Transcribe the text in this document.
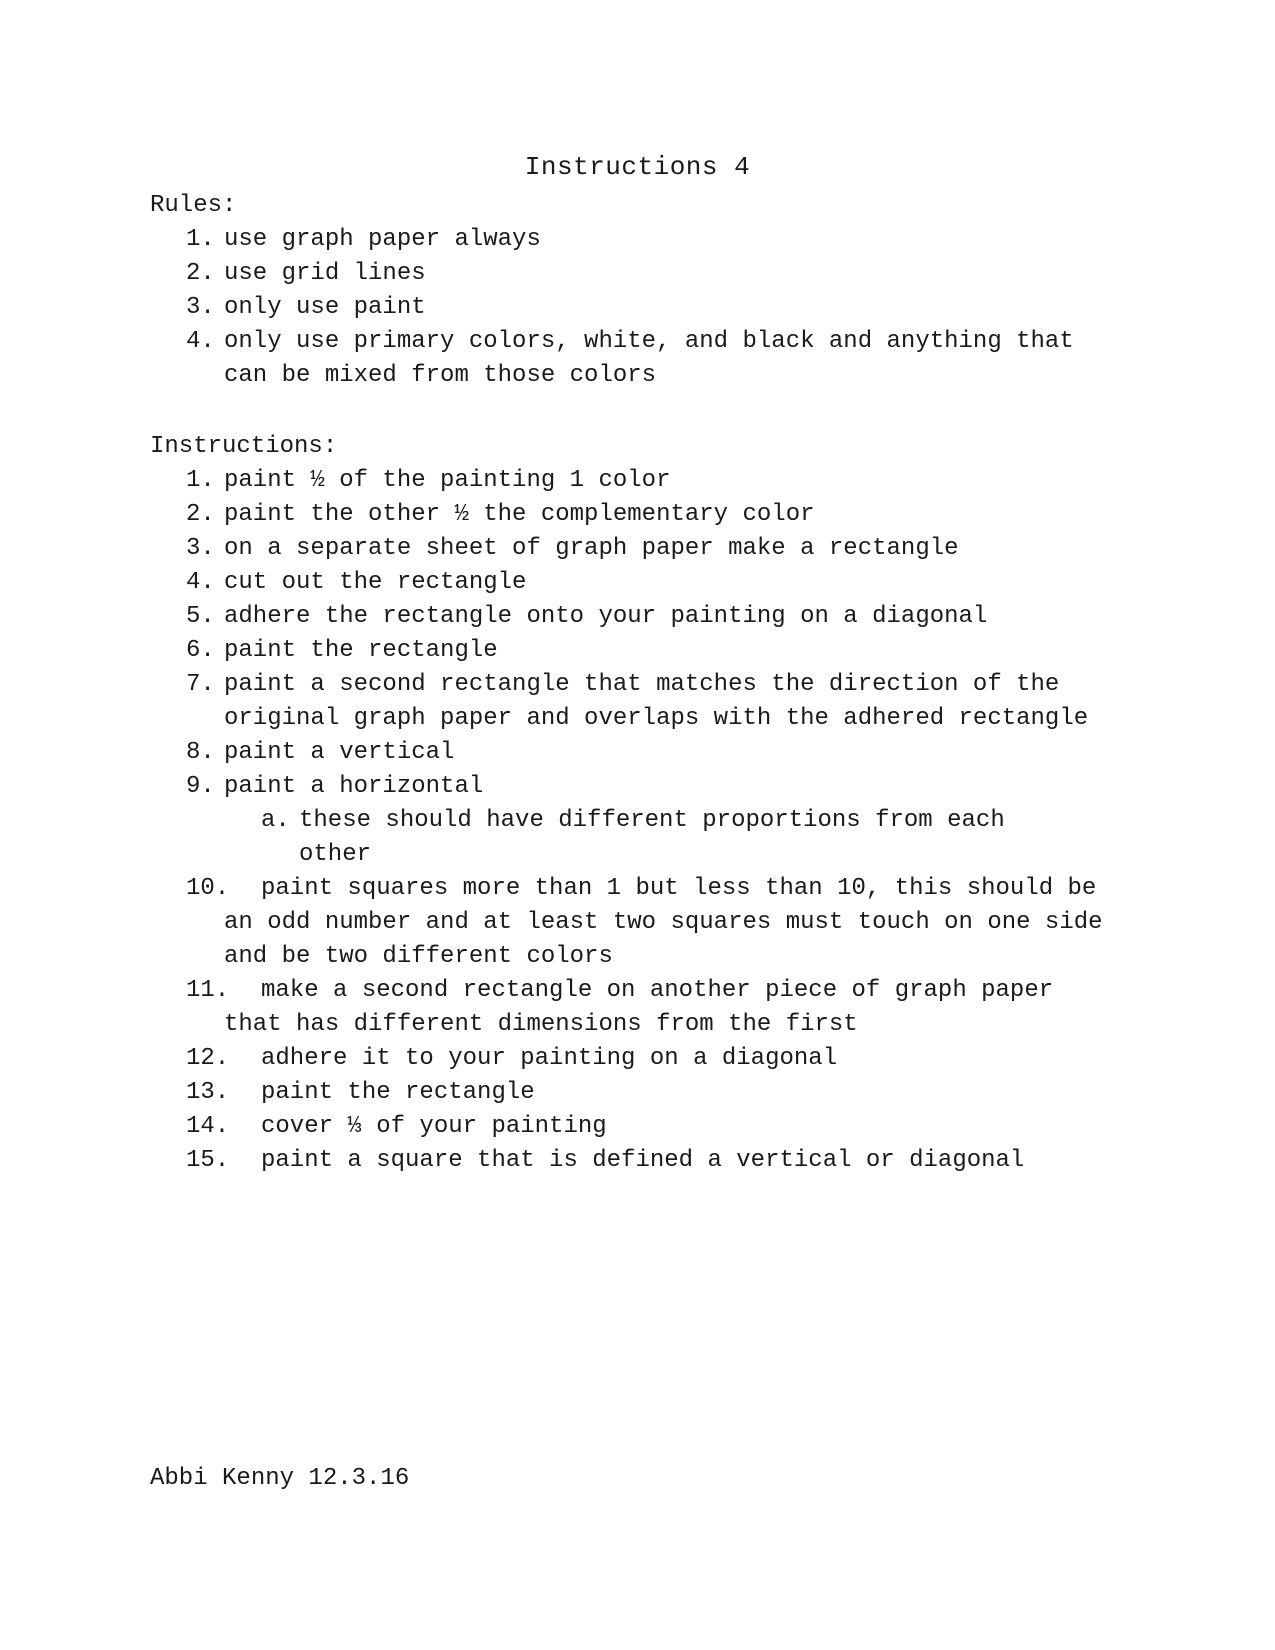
Instructions 4
Rules:
1. use graph paper always
2. use grid lines
3. only use paint
4. only use primary colors, white, and black and anything that can be mixed from those colors
Instructions:
1. paint ½ of the painting 1 color
2. paint the other ½ the complementary color
3. on a separate sheet of graph paper make a rectangle
4. cut out the rectangle
5. adhere the rectangle onto your painting on a diagonal
6. paint the rectangle
7. paint a second rectangle that matches the direction of the original graph paper and overlaps with the adhered rectangle
8. paint a vertical
9. paint a horizontal
a. these should have different proportions from each other
10.	paint squares more than 1 but less than 10, this should be an odd number and at least two squares must touch on one side and be two different colors
11.	make a second rectangle on another piece of graph paper that has different dimensions from the first
12.	adhere it to your painting on a diagonal
13.	paint the rectangle
14.	cover ⅓ of your painting
15.	paint a square that is defined a vertical or diagonal
Abbi Kenny 12.3.16
